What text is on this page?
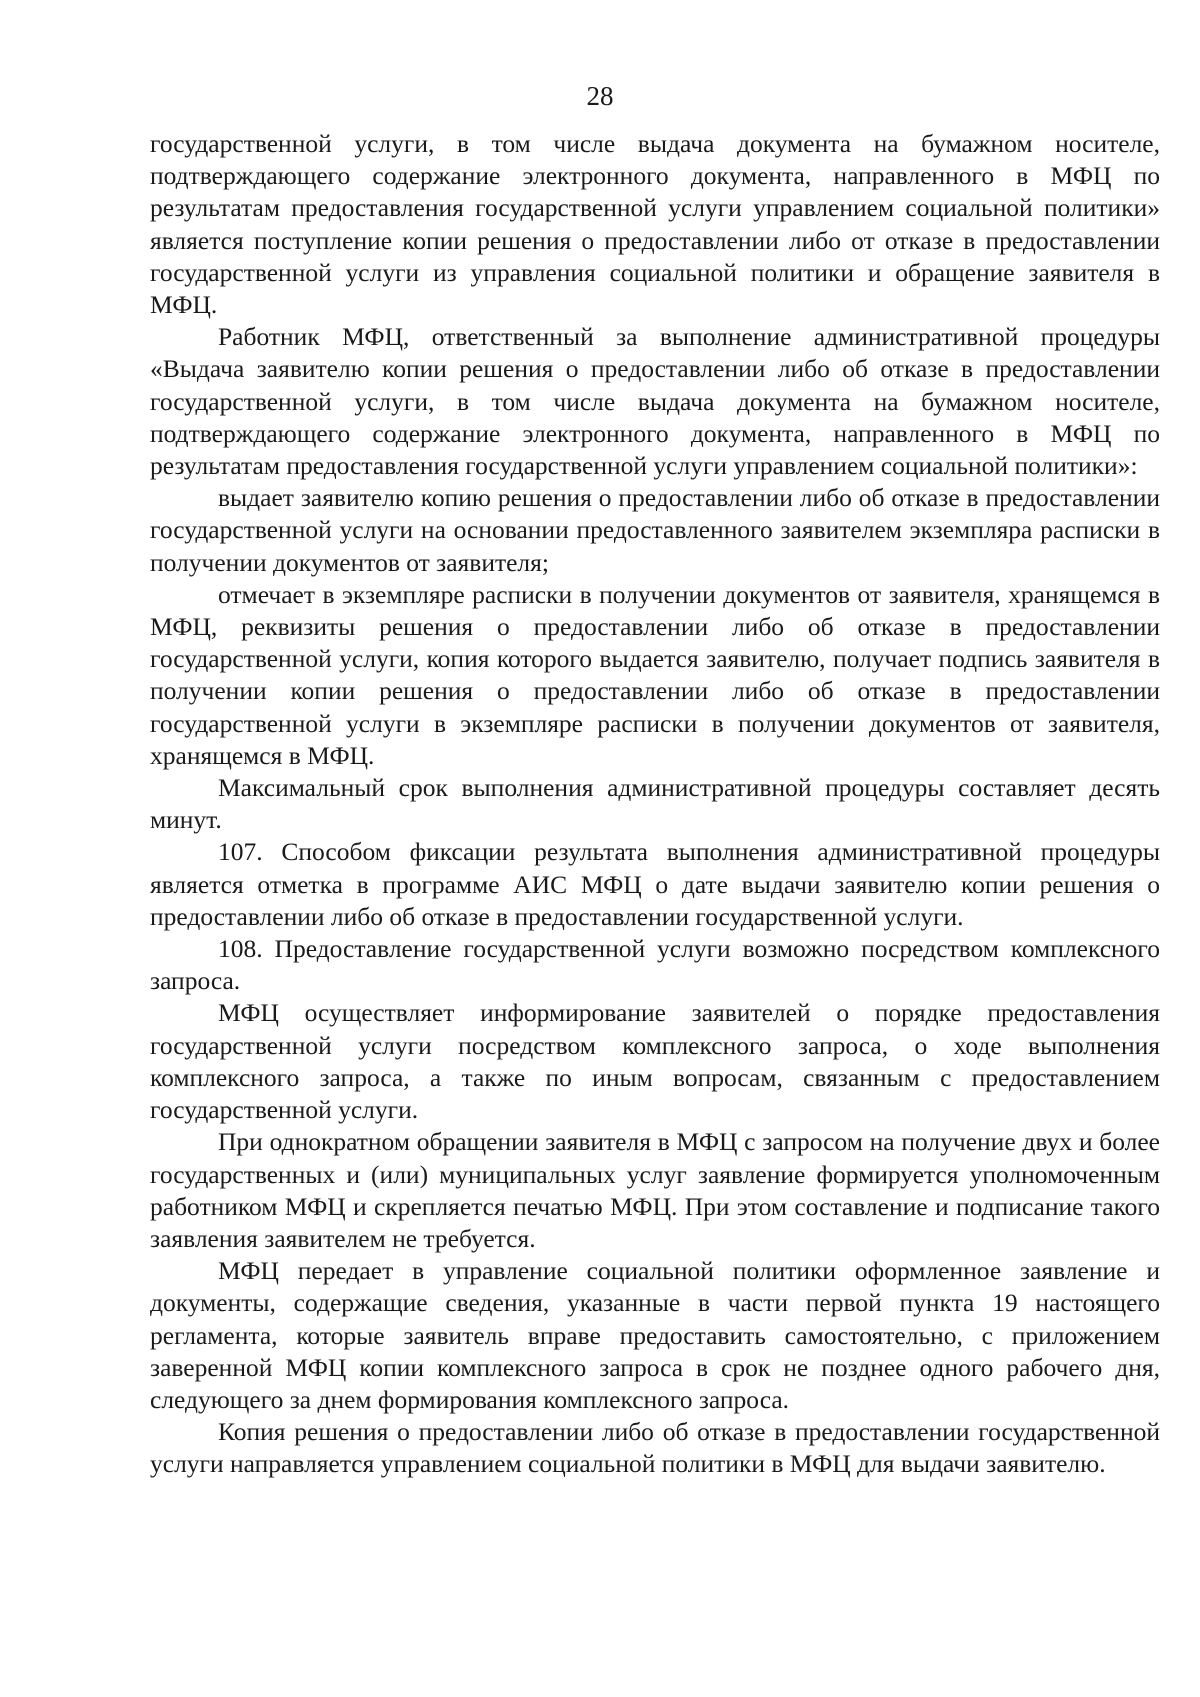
28

государственной услуги, в том числе выдача документа на бумажном носителе, подтверждающего содержание электронного документа, направленного в МФЦ по результатам предоставления государственной услуги управлением социальной политики» является поступление копии решения о предоставлении либо от отказе в предоставлении государственной услуги из управления социальной политики и обращение заявителя в МФЦ.

Работник МФЦ, ответственный за выполнение административной процедуры «Выдача заявителю копии решения о предоставлении либо об отказе в предоставлении государственной услуги, в том числе выдача документа на бумажном носителе, подтверждающего содержание электронного документа, направленного в МФЦ по результатам предоставления государственной услуги управлением социальной политики»:

выдает заявителю копию решения о предоставлении либо об отказе в предоставлении государственной услуги на основании предоставленного заявителем экземпляра расписки в получении документов от заявителя;

отмечает в экземпляре расписки в получении документов от заявителя, хранящемся в МФЦ, реквизиты решения о предоставлении либо об отказе в предоставлении государственной услуги, копия которого выдается заявителю, получает подпись заявителя в получении копии решения о предоставлении либо об отказе в предоставлении государственной услуги в экземпляре расписки в получении документов от заявителя, хранящемся в МФЦ.

Максимальный срок выполнения административной процедуры составляет десять минут.

107. Способом фиксации результата выполнения административной процедуры является отметка в программе АИС МФЦ о дате выдачи заявителю копии решения о предоставлении либо об отказе в предоставлении государственной услуги.

108. Предоставление государственной услуги возможно посредством комплексного запроса.

МФЦ осуществляет информирование заявителей о порядке предоставления государственной услуги посредством комплексного запроса, о ходе выполнения комплексного запроса, а также по иным вопросам, связанным с предоставлением государственной услуги.

При однократном обращении заявителя в МФЦ с запросом на получение двух и более государственных и (или) муниципальных услуг заявление формируется уполномоченным работником МФЦ и скрепляется печатью МФЦ. При этом составление и подписание такого заявления заявителем не требуется.

МФЦ передает в управление социальной политики оформленное заявление и документы, содержащие сведения, указанные в части первой пункта 19 настоящего регламента, которые заявитель вправе предоставить самостоятельно, с приложением заверенной МФЦ копии комплексного запроса в срок не позднее одного рабочего дня, следующего за днем формирования комплексного запроса.

Копия решения о предоставлении либо об отказе в предоставлении государственной услуги направляется управлением социальной политики в МФЦ для выдачи заявителю.
